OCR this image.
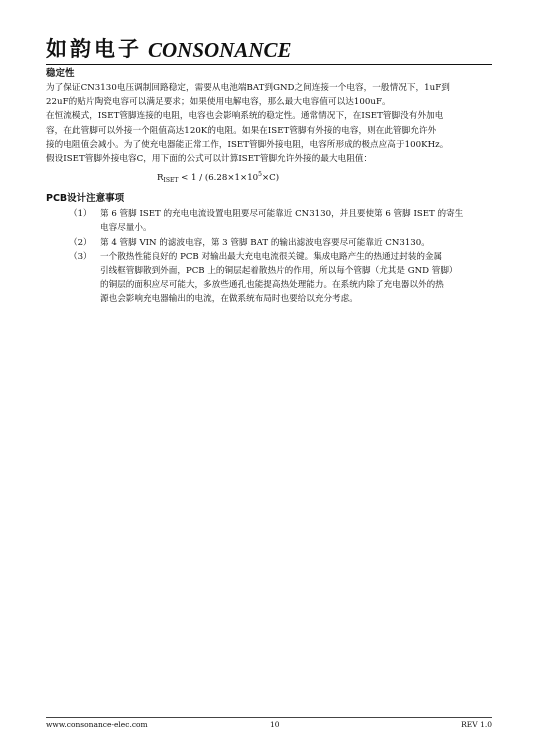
如韵电子 CONSONANCE
稳定性
为了保证CN3130电压调制回路稳定，需要从电池端BAT到GND之间连接一个电容，一般情况下，1uF到
22uF的贴片陶瓷电容可以满足要求；如果使用电解电容，那么最大电容值可以达100uF。
在恒流模式，ISET管脚连接的电阻，电容也会影响系统的稳定性。通常情况下，在ISET管脚没有外加电
容，在此管脚可以外接一个阻值高达120K的电阻。如果在ISET管脚有外接的电容，则在此管脚允许外
接的电阻值会减小。为了使充电器能正常工作，ISET管脚外接电阻，电容所形成的极点应高于100KHz。
假设ISET管脚外接电容C，用下面的公式可以计算ISET管脚允许外接的最大电阻值：
$R_{ISET} < 1 / (6.28\times 1\times 10^5\times C)$
PCB设计注意事项
（1） 第 6 管脚 ISET 的充电电流设置电阻要尽可能靠近 CN3130，并且要使第 6 管脚 ISET 的寄生
电容尽量小。
（2） 第 4 管脚 VIN 的滤波电容，第 3 管脚 BAT 的输出滤波电容要尽可能靠近 CN3130。
（3） 一个散热性能良好的 PCB 对输出最大充电电流很关键。集成电路产生的热通过封装的金属
引线框管脚散到外面，PCB 上的铜层起着散热片的作用，所以每个管脚（尤其是 GND 管脚）
的铜层的面积应尽可能大，多放些通孔也能提高热处理能力。在系统内除了充电器以外的热
源也会影响充电器输出的电流，在做系统布局时也要给以充分考虑。
www.consonance-elec.com	10	REV 1.0
